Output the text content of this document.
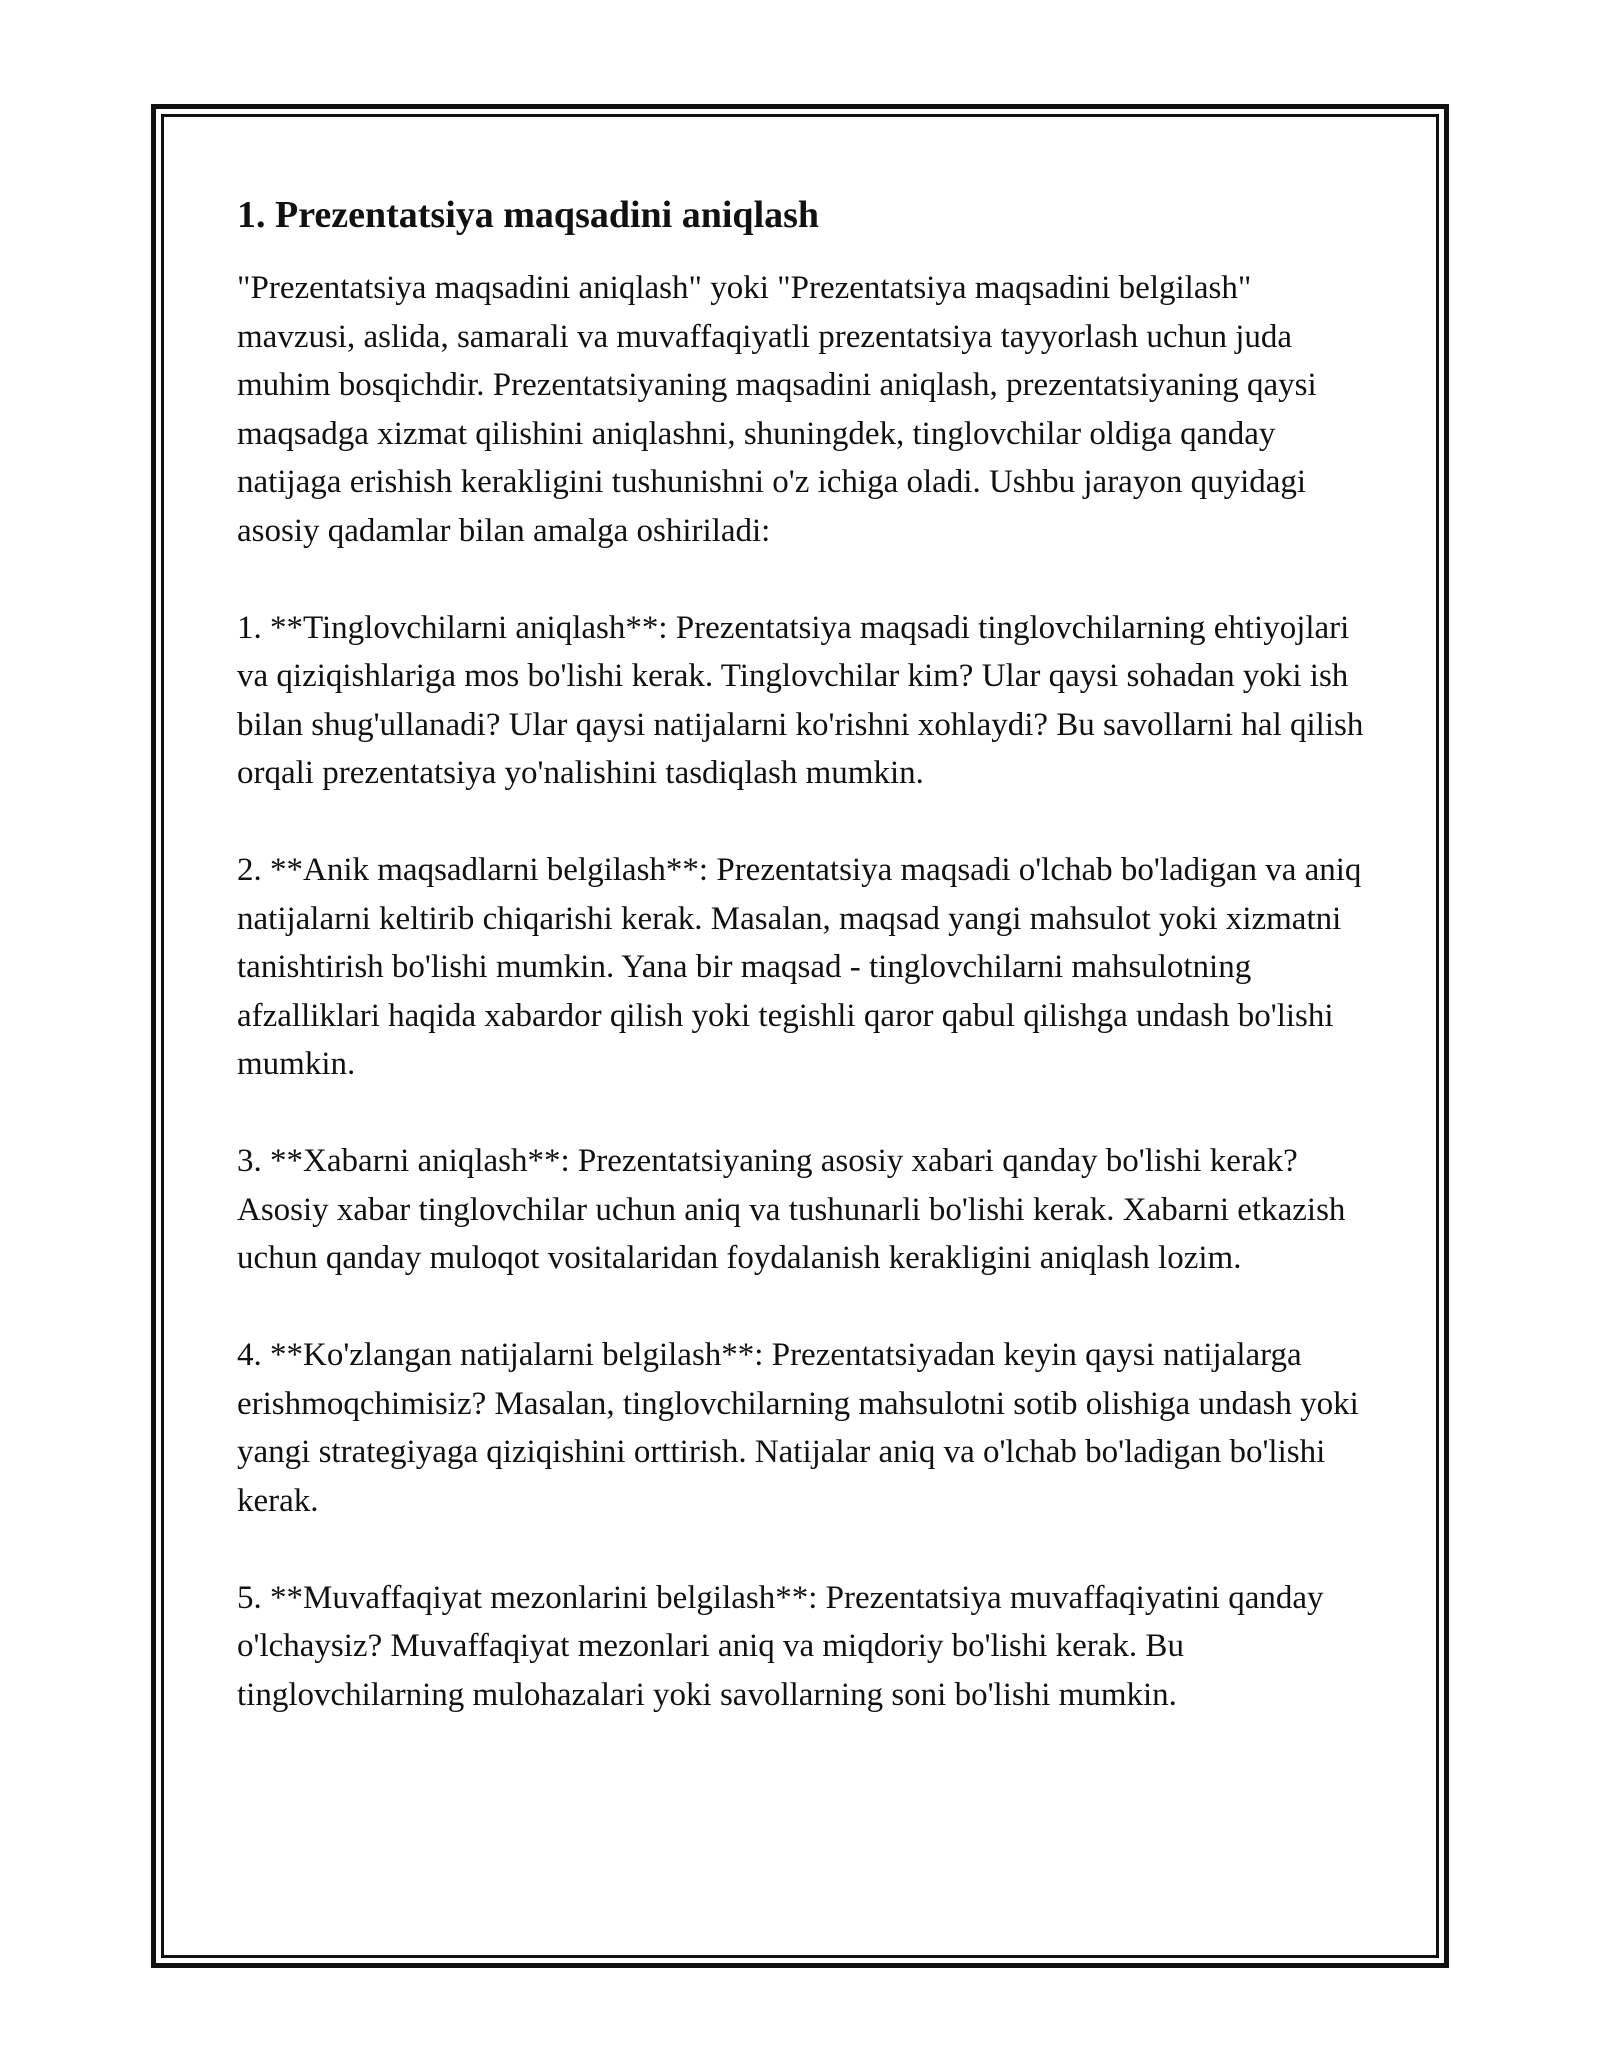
1. Prezentatsiya maqsadini aniqlash

"Prezentatsiya maqsadini aniqlash" yoki "Prezentatsiya maqsadini belgilash" mavzusi, aslida, samarali va muvaffaqiyatli prezentatsiya tayyorlash uchun juda muhim bosqichdir. Prezentatsiyaning maqsadini aniqlash, prezentatsiyaning qaysi maqsadga xizmat qilishini aniqlashni, shuningdek, tinglovchilar oldiga qanday natijaga erishish kerakligini tushunishni o'z ichiga oladi. Ushbu jarayon quyidagi asosiy qadamlar bilan amalga oshiriladi:

1. **Tinglovchilarni aniqlash**: Prezentatsiya maqsadi tinglovchilarning ehtiyojlari va qiziqishlariga mos bo'lishi kerak. Tinglovchilar kim? Ular qaysi sohadan yoki ish bilan shug'ullanadi? Ular qaysi natijalarni ko'rishni xohlaydi? Bu savollarni hal qilish orqali prezentatsiya yo'nalishini tasdiqlash mumkin.

2. **Anik maqsadlarni belgilash**: Prezentatsiya maqsadi o'lchab bo'ladigan va aniq natijalarni keltirib chiqarishi kerak. Masalan, maqsad yangi mahsulot yoki xizmatni tanishtirish bo'lishi mumkin. Yana bir maqsad - tinglovchilarni mahsulotning afzalliklari haqida xabardor qilish yoki tegishli qaror qabul qilishga undash bo'lishi mumkin.

3. **Xabarni aniqlash**: Prezentatsiyaning asosiy xabari qanday bo'lishi kerak? Asosiy xabar tinglovchilar uchun aniq va tushunarli bo'lishi kerak. Xabarni etkazish uchun qanday muloqot vositalaridan foydalanish kerakligini aniqlash lozim.

4. **Ko'zlangan natijalarni belgilash**: Prezentatsiyadan keyin qaysi natijalarga erishmoqchimisiz? Masalan, tinglovchilarning mahsulotni sotib olishiga undash yoki yangi strategiyaga qiziqishini orttirish. Natijalar aniq va o'lchab bo'ladigan bo'lishi kerak.

5. **Muvaffaqiyat mezonlarini belgilash**: Prezentatsiya muvaffaqiyatini qanday o'lchaysiz? Muvaffaqiyat mezonlari aniq va miqdoriy bo'lishi kerak. Bu tinglovchilarning mulohazalari yoki savollarning soni bo'lishi mumkin.
